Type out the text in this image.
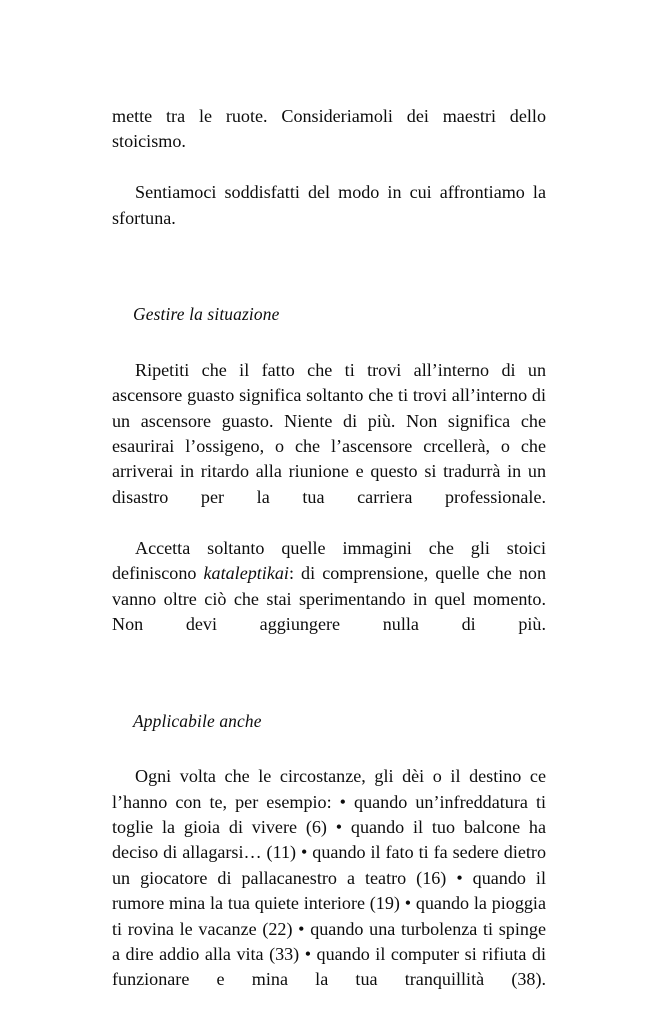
mette tra le ruote. Consideriamoli dei maestri dello stoicismo.

Sentiamoci soddisfatti del modo in cui affrontiamo la sfortuna.

Gestire la situazione

Ripetiti che il fatto che ti trovi all’interno di un ascensore guasto significa soltanto che ti trovi all’interno di un ascensore guasto. Niente di più. Non significa che esaurirai l’ossigeno, o che l’ascensore crcellerà, o che arriverai in ritardo alla riunione e questo si tradurrà in un disastro per la tua carriera professionale.

Accetta soltanto quelle immagini che gli stoici definiscono kataleptikai: di comprensione, quelle che non vanno oltre ciò che stai sperimentando in quel momento. Non devi aggiungere nulla di più.

Applicabile anche

Ogni volta che le circostanze, gli dèi o il destino ce l’hanno con te, per esempio: • quando un’infreddatura ti toglie la gioia di vivere (6) • quando il tuo balcone ha deciso di allagarsi… (11) • quando il fato ti fa sedere dietro un giocatore di pallacanestro a teatro (16) • quando il rumore mina la tua quiete interiore (19) • quando la pioggia ti rovina le vacanze (22) • quando una turbolenza ti spinge a dire addio alla vita (33) • quando il computer si rifiuta di funzionare e mina la tua tranquillità (38).
